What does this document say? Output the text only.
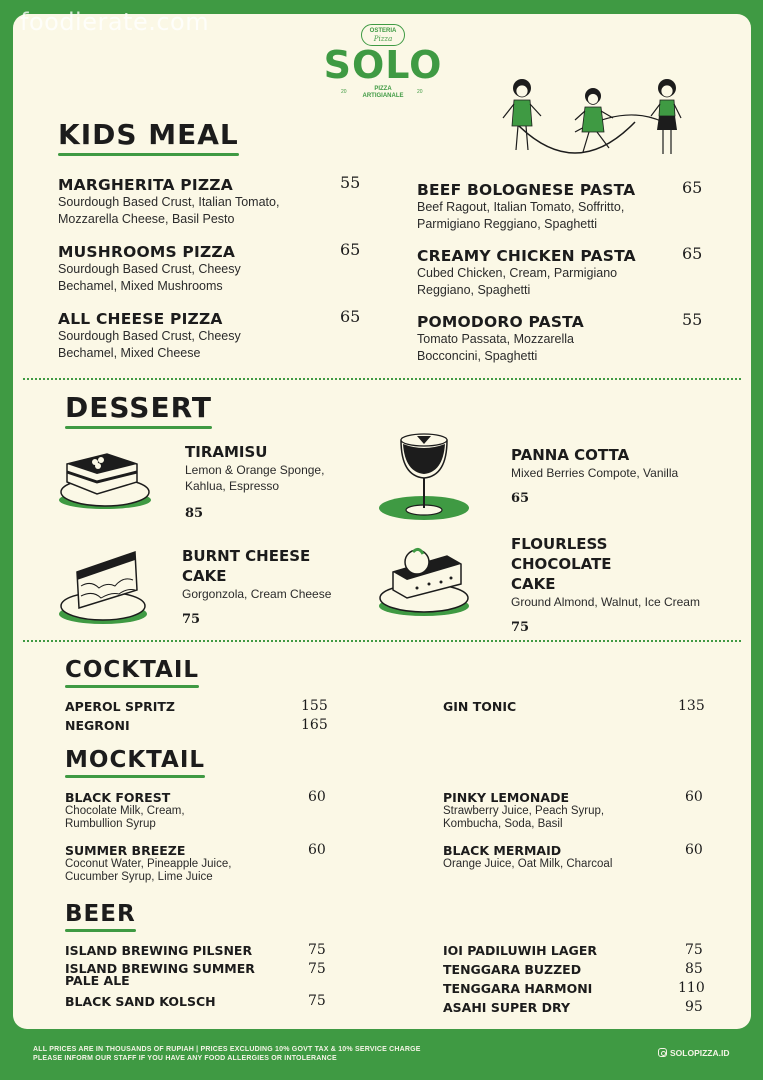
foodierate.com	OSTERIA
Pizza
SOLO
20	20
PIZZA
ARTIGIANALE
KIDS MEAL
MARGHERITA PIZZA
Sourdough Based Crust, Italian Tomato, Mozzarella Cheese, Basil Pesto
55
MUSHROOMS PIZZA
Sourdough Based Crust, Cheesy Bechamel, Mixed Mushrooms
65
ALL CHEESE PIZZA
Sourdough Based Crust, Cheesy Bechamel, Mixed Cheese
65
BEEF BOLOGNESE PASTA
Beef Ragout, Italian Tomato, Soffritto, Parmigiano Reggiano, Spaghetti
65
CREAMY CHICKEN PASTA
Cubed Chicken, Cream, Parmigiano Reggiano, Spaghetti
65
POMODORO PASTA
Tomato Passata, Mozzarella Bocconcini, Spaghetti
55
DESSERT
TIRAMISU
Lemon & Orange Sponge, Kahlua, Espresso
85
PANNA COTTA
Mixed Berries Compote, Vanilla
65
BURNT CHEESE CAKE
Gorgonzola, Cream Cheese
75
FLOURLESS CHOCOLATE CAKE
Ground Almond, Walnut, Ice Cream
75
COCKTAIL
APEROL SPRITZ	155
NEGRONI	165
GIN TONIC	135
MOCKTAIL
BLACK FOREST
Chocolate Milk, Cream, Rumbullion Syrup
60
SUMMER BREEZE
Coconut Water, Pineapple Juice, Cucumber Syrup, Lime Juice
60
PINKY LEMONADE
Strawberry Juice, Peach Syrup, Kombucha, Soda, Basil
60
BLACK MERMAID
Orange Juice, Oat Milk, Charcoal
60
BEER
ISLAND BREWING PILSNER	75
ISLAND BREWING SUMMER PALE ALE
75
BLACK SAND KOLSCH	75
IOI PADILUWIH LAGER	75
TENGGARA BUZZED	85
TENGGARA HARMONI	110
ASAHI SUPER DRY	95
ALL PRICES ARE IN THOUSANDS OF RUPIAH | PRICES EXCLUDING 10% GOVT TAX & 10% SERVICE CHARGE
PLEASE INFORM OUR STAFF IF YOU HAVE ANY FOOD ALLERGIES OR INTOLERANCE
SOLOPIZZA.ID
